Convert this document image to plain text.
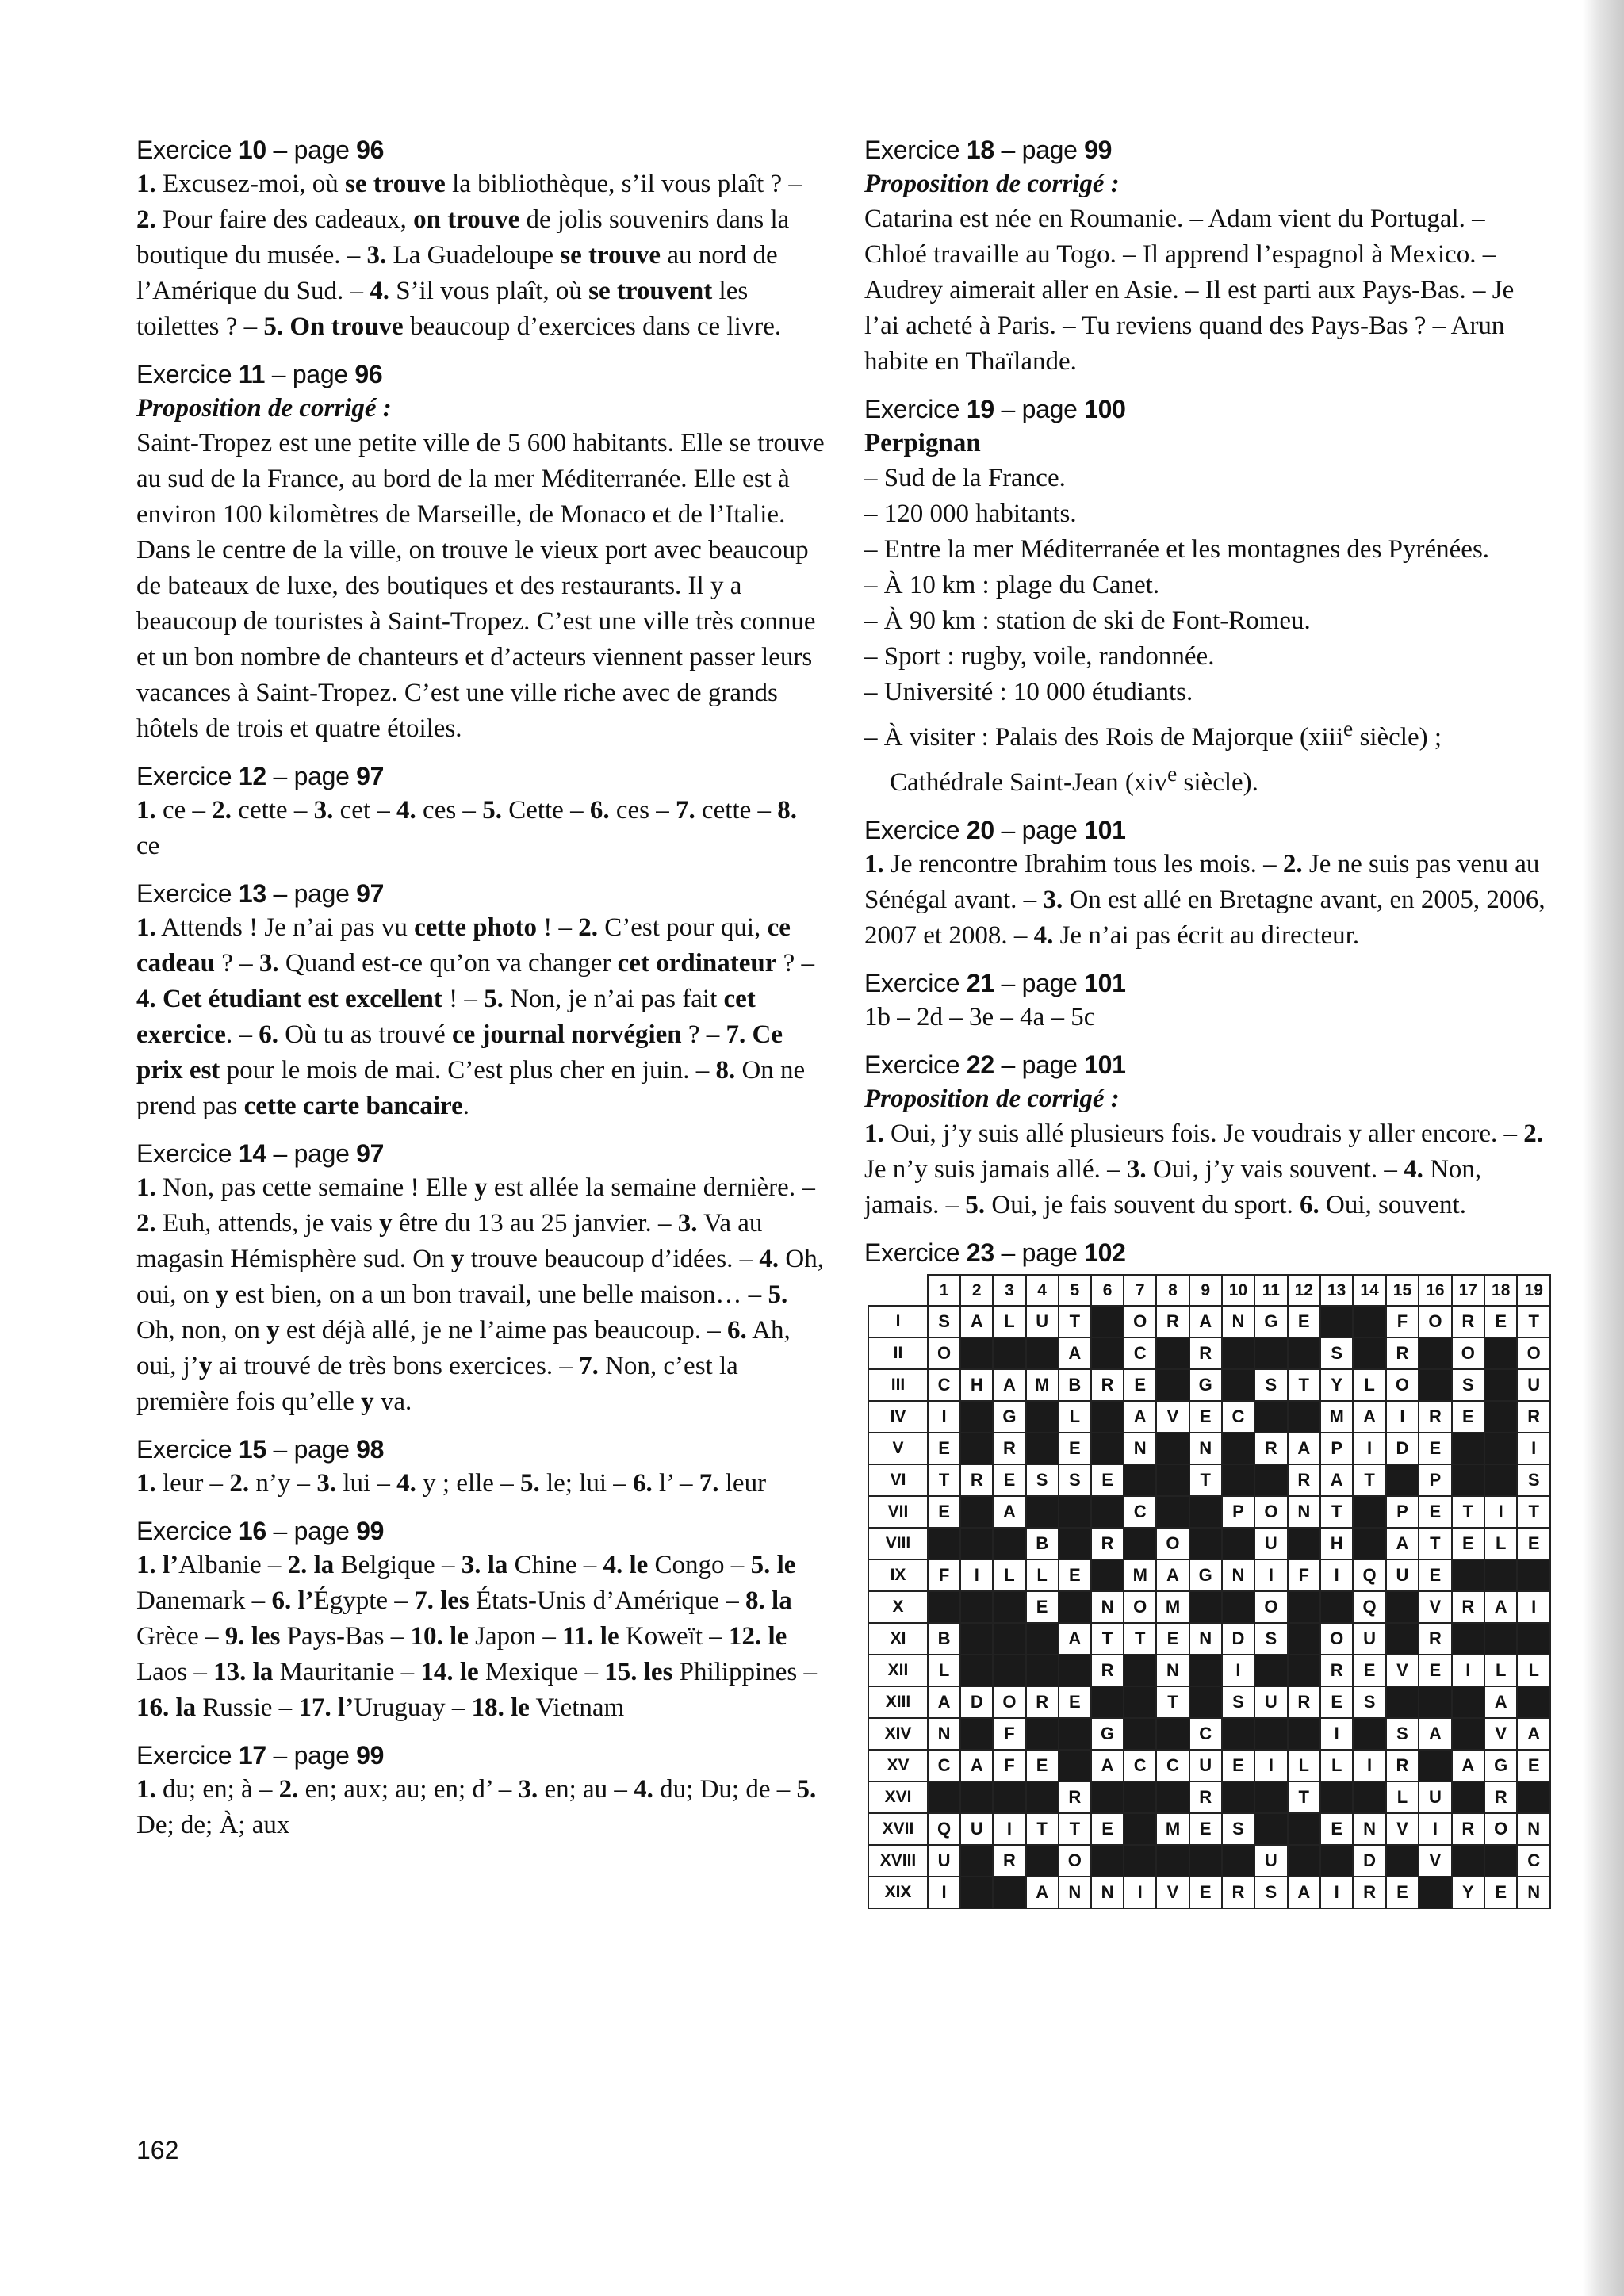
Exercice 10 – page 96

1. Excusez-moi, où se trouve la bibliothèque, s’il vous plaît ? – 2. Pour faire des cadeaux, on trouve de jolis souvenirs dans la boutique du musée. – 3. La Guadeloupe se trouve au nord de l’Amérique du Sud. – 4. S’il vous plaît, où se trouvent les toilettes ? – 5. On trouve beaucoup d’exercices dans ce livre.

Exercice 11 – page 96
Proposition de corrigé :

Saint-Tropez est une petite ville de 5 600 habitants. Elle se trouve au sud de la France, au bord de la mer Méditerranée. Elle est à environ 100 kilomètres de Marseille, de Monaco et de l’Italie.

Dans le centre de la ville, on trouve le vieux port avec beaucoup de bateaux de luxe, des boutiques et des restaurants. Il y a beaucoup de touristes à Saint-Tropez. C’est une ville très connue et un bon nombre de chanteurs et d’acteurs viennent passer leurs vacances à Saint-Tropez. C’est une ville riche avec de grands hôtels de trois et quatre étoiles.

Exercice 12 – page 97

1. ce – 2. cette – 3. cet – 4. ces – 5. Cette – 6. ces – 7. cette – 8. ce

Exercice 13 – page 97

1. Attends ! Je n’ai pas vu cette photo ! – 2. C’est pour qui, ce cadeau ? – 3. Quand est-ce qu’on va changer cet ordinateur ? – 4. Cet étudiant est excellent ! – 5. Non, je n’ai pas fait cet exercice. – 6. Où tu as trouvé ce journal norvégien ? – 7. Ce prix est pour le mois de mai. C’est plus cher en juin. – 8. On ne prend pas cette carte bancaire.

Exercice 14 – page 97

1. Non, pas cette semaine ! Elle y est allée la semaine dernière. – 2. Euh, attends, je vais y être du 13 au 25 janvier. – 3. Va au magasin Hémisphère sud. On y trouve beaucoup d’idées. – 4. Oh, oui, on y est bien, on a un bon travail, une belle maison… – 5. Oh, non, on y est déjà allé, je ne l’aime pas beaucoup. – 6. Ah, oui, j’y ai trouvé de très bons exercices. – 7. Non, c’est la première fois qu’elle y va.

Exercice 15 – page 98

1. leur – 2. n’y – 3. lui – 4. y ; elle – 5. le; lui – 6. l’ – 7. leur

Exercice 16 – page 99

1. l’Albanie – 2. la Belgique – 3. la Chine – 4. le Congo – 5. le Danemark – 6. l’Égypte – 7. les États-Unis d’Amérique – 8. la Grèce – 9. les Pays-Bas – 10. le Japon – 11. le Koweït – 12. le Laos – 13. la Mauritanie – 14. le Mexique – 15. les Philippines – 16. la Russie – 17. l’Uruguay – 18. le Vietnam

Exercice 17 – page 99

1. du; en; à – 2. en; aux; au; en; d’ – 3. en; au – 4. du; Du; de – 5. De; de; À; aux

Exercice 18 – page 99
Proposition de corrigé :

Catarina est née en Roumanie. – Adam vient du Portugal. – Chloé travaille au Togo. – Il apprend l’espagnol à Mexico. – Audrey aimerait aller en Asie. – Il est parti aux Pays-Bas. – Je l’ai acheté à Paris. – Tu reviens quand des Pays-Bas ? – Arun habite en Thaïlande.

Exercice 19 – page 100
Perpignan
– Sud de la France.
– 120 000 habitants.
– Entre la mer Méditerranée et les montagnes des Pyrénées.
– À 10 km : plage du Canet.
– À 90 km : station de ski de Font-Romeu.
– Sport : rugby, voile, randonnée.
– Université : 10 000 étudiants.
– À visiter : Palais des Rois de Majorque (xiii$^e$ siècle) ; Cathédrale Saint-Jean (xiv$^e$ siècle).
Exercice 20 – page 101

1. Je rencontre Ibrahim tous les mois. – 2. Je ne suis pas venu au Sénégal avant. – 3. On est allé en Bretagne avant, en 2005, 2006, 2007 et 2008. – 4. Je n’ai pas écrit au directeur.

Exercice 21 – page 101

1b – 2d – 3e – 4a – 5c

Exercice 22 – page 101
Proposition de corrigé :

1. Oui, j’y suis allé plusieurs fois. Je voudrais y aller encore. – 2. Je n’y suis jamais allé. – 3. Oui, j’y vais souvent. – 4. Non, jamais. – 5. Oui, je fais souvent du sport. 6. Oui, souvent.

Exercice 23 – page 102
	1	2	3	4	5	6	7	8	9	10	11	12	13	14	15	16	17	18	19
I	S	A	L	U	T		O	R	A	N	G	E			F	O	R	E	T
II	O				A		C		R				S		R		O		O
III	C	H	A	M	B	R	E		G		S	T	Y	L	O		S		U
IV	I		G		L		A	V	E	C			M	A	I	R	E		R
V	E		R		E		N		N		R	A	P	I	D	E			I
VI	T	R	E	S	S	E			T			R	A	T		P			S
VII	E		A				C			P	O	N	T		P	E	T	I	T
VIII				B		R		O			U		H		A	T	E	L	E
IX	F	I	L	L	E		M	A	G	N	I	F	I	Q	U	E			
X				E		N	O	M			O			Q		V	R	A	I
XI	B				A	T	T	E	N	D	S		O	U		R			
XII	L					R		N		I			R	E	V	E	I	L	L
XIII	A	D	O	R	E			T		S	U	R	E	S				A	
XIV	N		F			G			C				I		S	A		V	A
XV	C	A	F	E		A	C	C	U	E	I	L	L	I	R		A	G	E
XVI					R				R			T			L	U		R	
XVII	Q	U	I	T	T	E		M	E	S			E	N	V	I	R	O	N
XVIII	U		R		O						U			D		V			C
XIX	I			A	N	N	I	V	E	R	S	A	I	R	E		Y	E	N
162
